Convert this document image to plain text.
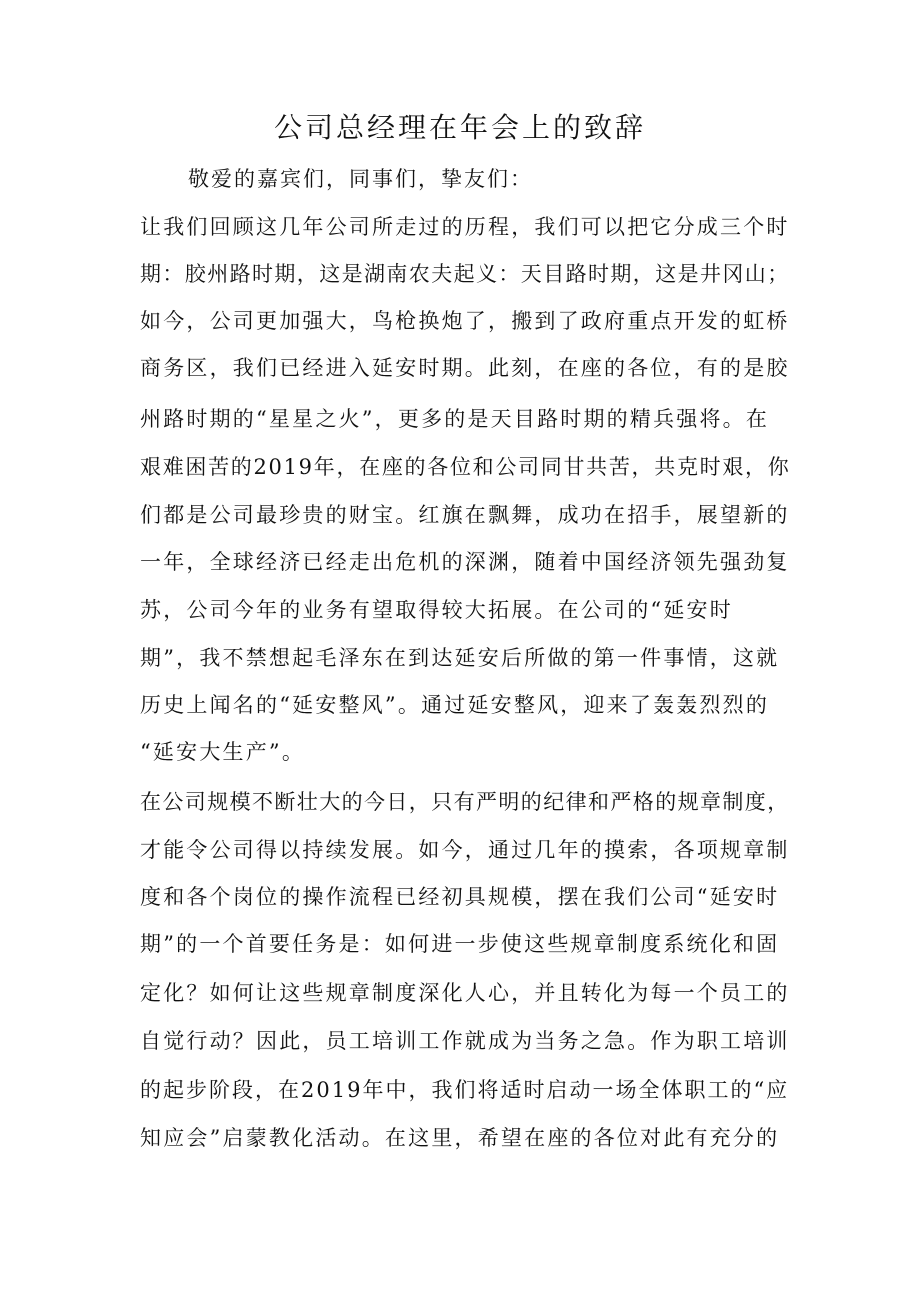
公司总经理在年会上的致辞
敬爱的嘉宾们，同事们，挚友们：
让我们回顾这几年公司所走过的历程，我们可以把它分成三个时
期：胶州路时期，这是湖南农夫起义：天目路时期，这是井冈山；
如今，公司更加强大，鸟枪换炮了，搬到了政府重点开发的虹桥
商务区，我们已经进入延安时期。此刻，在座的各位，有的是胶
州路时期的“星星之火”，更多的是天目路时期的精兵强将。在
艰难困苦的2019年，在座的各位和公司同甘共苦，共克时艰，你
们都是公司最珍贵的财宝。红旗在飘舞，成功在招手，展望新的
一年，全球经济已经走出危机的深渊，随着中国经济领先强劲复
苏，公司今年的业务有望取得较大拓展。在公司的“延安时
期”，我不禁想起毛泽东在到达延安后所做的第一件事情，这就
历史上闻名的“延安整风”。通过延安整风，迎来了轰轰烈烈的
“延安大生产”。
在公司规模不断壮大的今日，只有严明的纪律和严格的规章制度，
才能令公司得以持续发展。如今，通过几年的摸索，各项规章制
度和各个岗位的操作流程已经初具规模，摆在我们公司“延安时
期”的一个首要任务是：如何进一步使这些规章制度系统化和固
定化？如何让这些规章制度深化人心，并且转化为每一个员工的
自觉行动？因此，员工培训工作就成为当务之急。作为职工培训
的起步阶段，在2019年中，我们将适时启动一场全体职工的“应
知应会”启蒙教化活动。在这里，希望在座的各位对此有充分的
